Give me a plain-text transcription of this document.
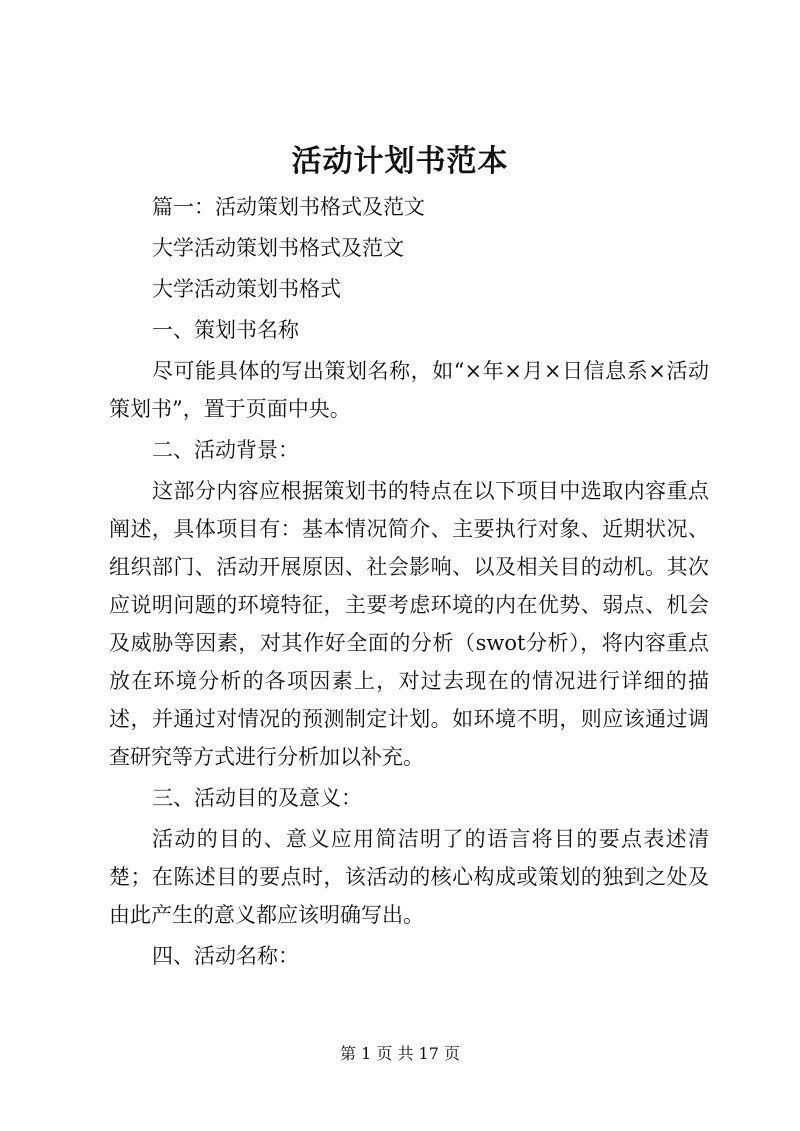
活动计划书范本

篇一：活动策划书格式及范文

大学活动策划书格式及范文

大学活动策划书格式

一、策划书名称

尽可能具体的写出策划名称，如“×年×月×日信息系×活动策划书”，置于页面中央。

二、活动背景：

这部分内容应根据策划书的特点在以下项目中选取内容重点阐述，具体项目有：基本情况简介、主要执行对象、近期状况、组织部门、活动开展原因、社会影响、以及相关目的动机。其次应说明问题的环境特征，主要考虑环境的内在优势、弱点、机会及威胁等因素，对其作好全面的分析（swot分析），将内容重点放在环境分析的各项因素上，对过去现在的情况进行详细的描述，并通过对情况的预测制定计划。如环境不明，则应该通过调查研究等方式进行分析加以补充。

三、活动目的及意义：

活动的目的、意义应用简洁明了的语言将目的要点表述清楚；在陈述目的要点时，该活动的核心构成或策划的独到之处及由此产生的意义都应该明确写出。

四、活动名称：

第 1 页 共 17 页
